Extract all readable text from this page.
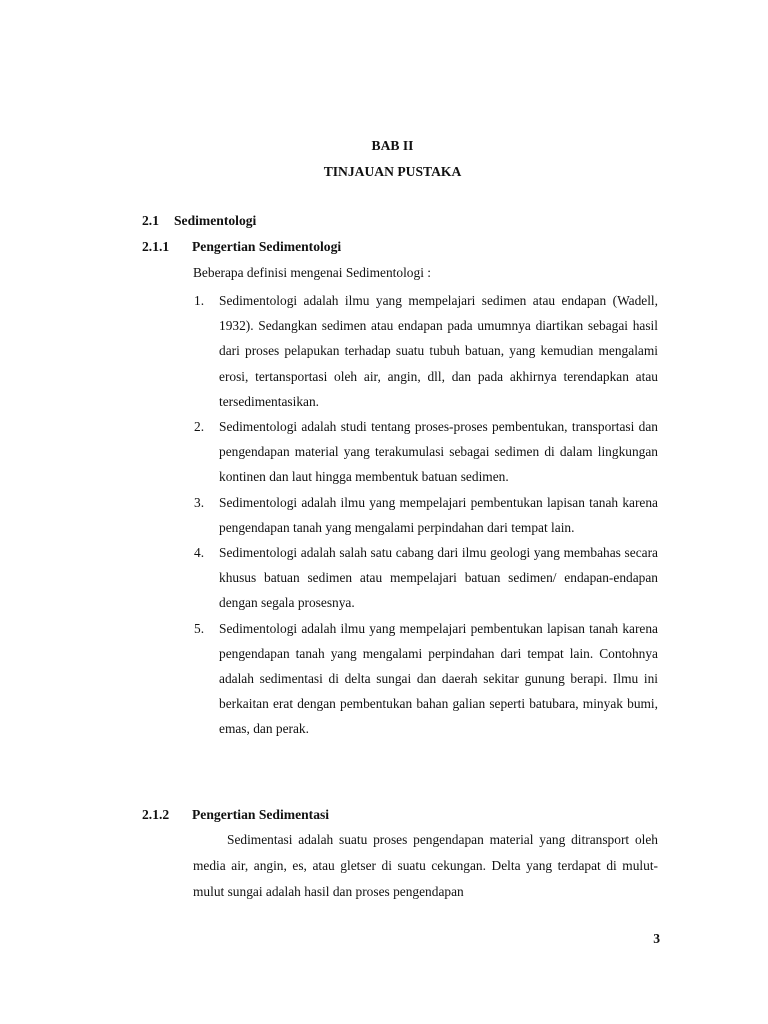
BAB II
TINJAUAN PUSTAKA
2.1 Sedimentologi
2.1.1 Pengertian Sedimentologi

Beberapa definisi mengenai Sedimentologi :

1. Sedimentologi adalah ilmu yang mempelajari sedimen atau endapan (Wadell, 1932). Sedangkan sedimen atau endapan pada umumnya diartikan sebagai hasil dari proses pelapukan terhadap suatu tubuh batuan, yang kemudian mengalami erosi, tertansportasi oleh air, angin, dll, dan pada akhirnya terendapkan atau tersedimentasikan.
2. Sedimentologi adalah studi tentang proses-proses pembentukan, transportasi dan pengendapan material yang terakumulasi sebagai sedimen di dalam lingkungan kontinen dan laut hingga membentuk batuan sedimen.
3. Sedimentologi adalah ilmu yang mempelajari pembentukan lapisan tanah karena pengendapan tanah yang mengalami perpindahan dari tempat lain.
4. Sedimentologi adalah salah satu cabang dari ilmu geologi yang membahas secara khusus batuan sedimen atau mempelajari batuan sedimen/ endapan-endapan dengan segala prosesnya.
5. Sedimentologi adalah ilmu yang mempelajari pembentukan lapisan tanah karena pengendapan tanah yang mengalami perpindahan dari tempat lain. Contohnya adalah sedimentasi di delta sungai dan daerah sekitar gunung berapi. Ilmu ini berkaitan erat dengan pembentukan bahan galian seperti batubara, minyak bumi, emas, dan perak.
2.1.2 Pengertian Sedimentasi

Sedimentasi adalah suatu proses pengendapan material yang ditransport oleh media air, angin, es, atau gletser di suatu cekungan. Delta yang terdapat di mulut-mulut sungai adalah hasil dan proses pengendapan

3
